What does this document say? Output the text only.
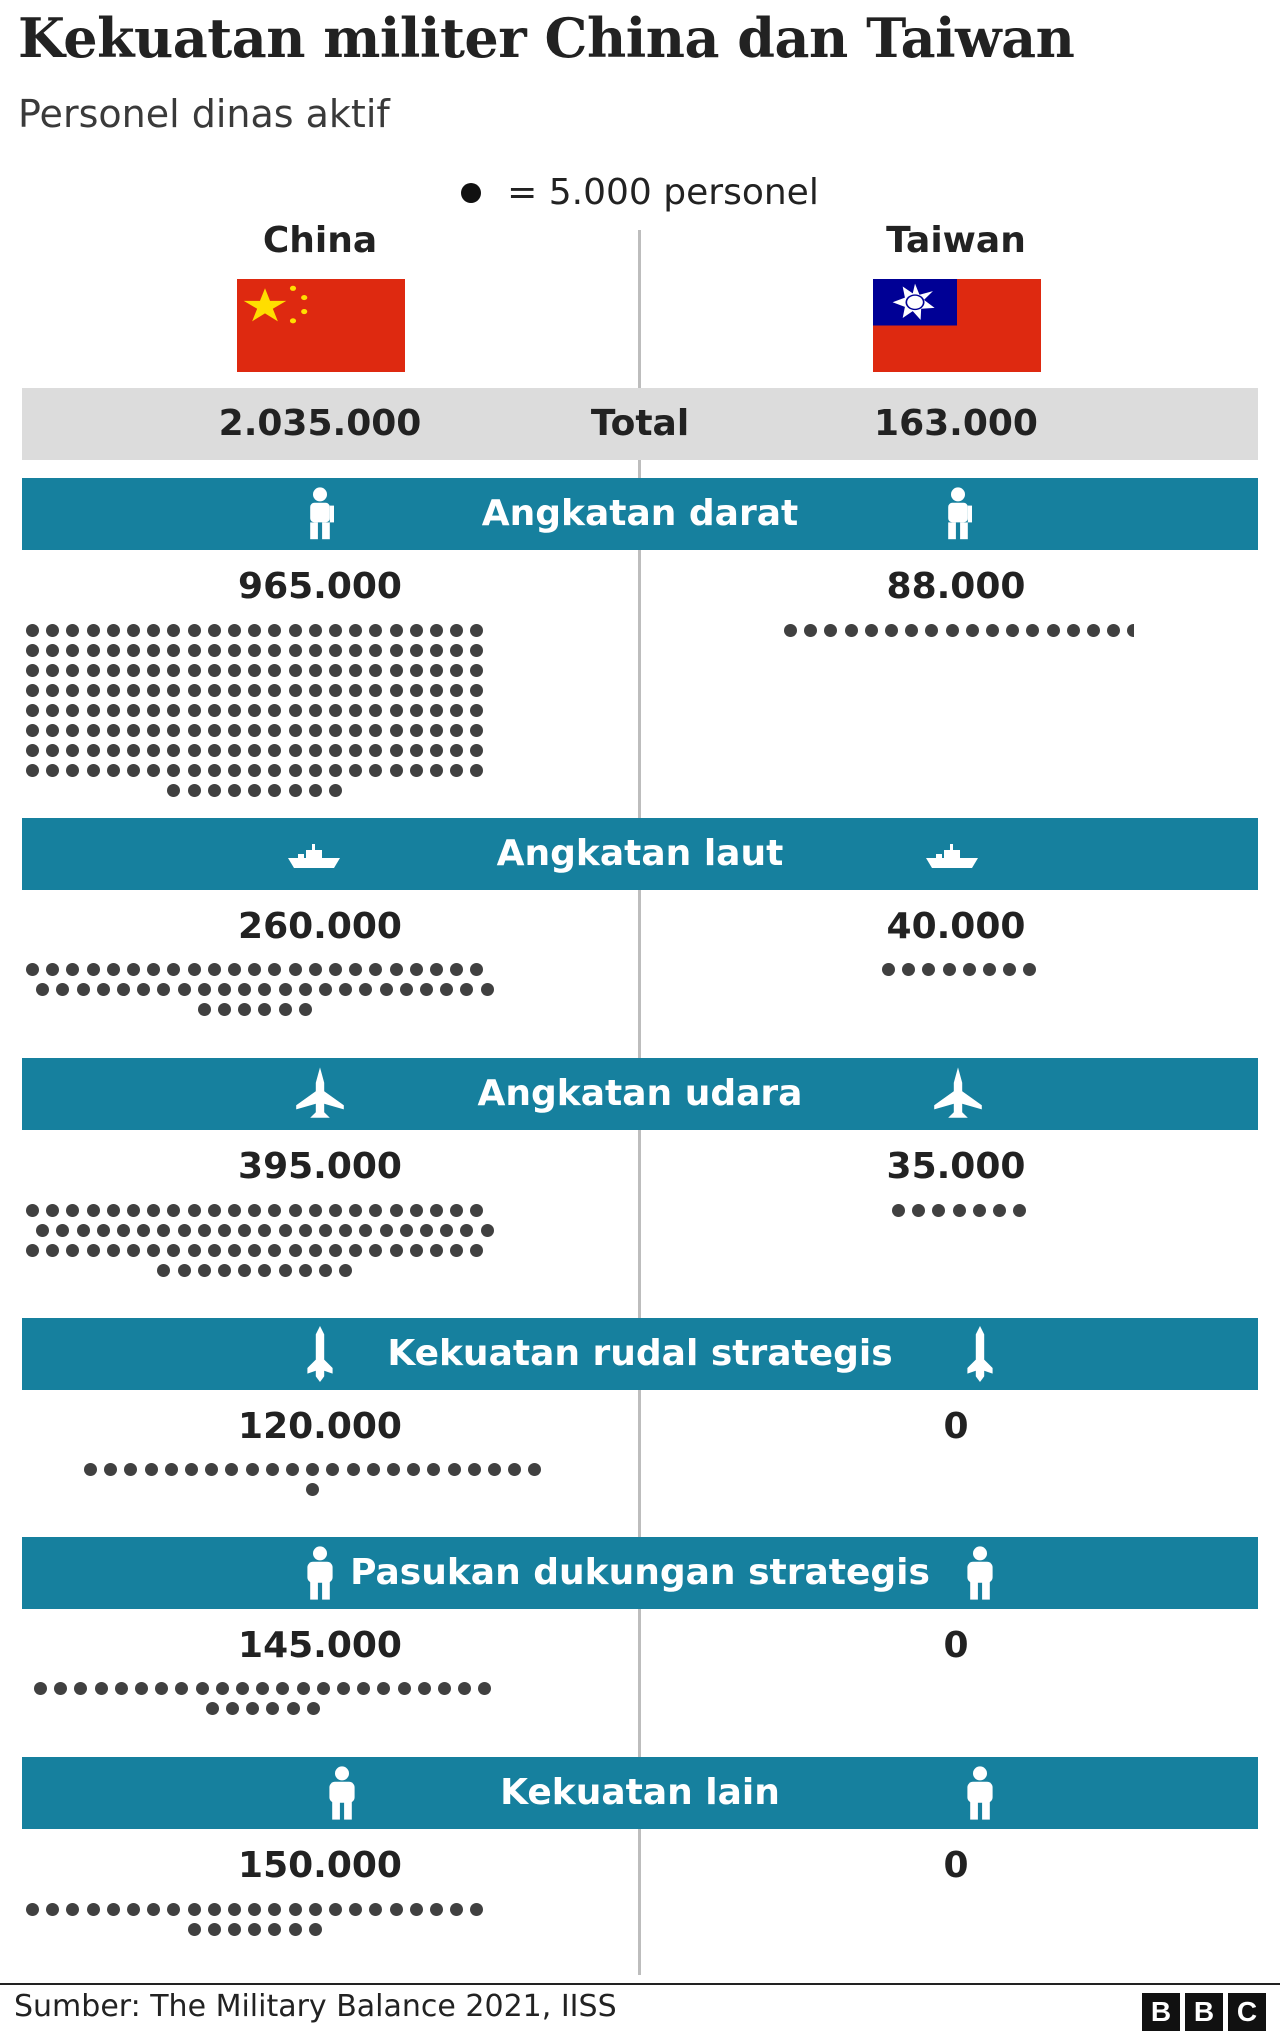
Kekuatan militer China dan Taiwan

Personel dinas aktif

= 5.000 personel
China	Taiwan
2.035.000	Total	163.000
Angkatan darat
965.000	88.000
Angkatan laut
260.000	40.000
Angkatan udara
395.000	35.000
Kekuatan rudal strategis
120.000	0
Pasukan dukungan strategis
145.000	0
Kekuatan lain
150.000	0
Sumber: The Military Balance 2021, IISS	B B C
